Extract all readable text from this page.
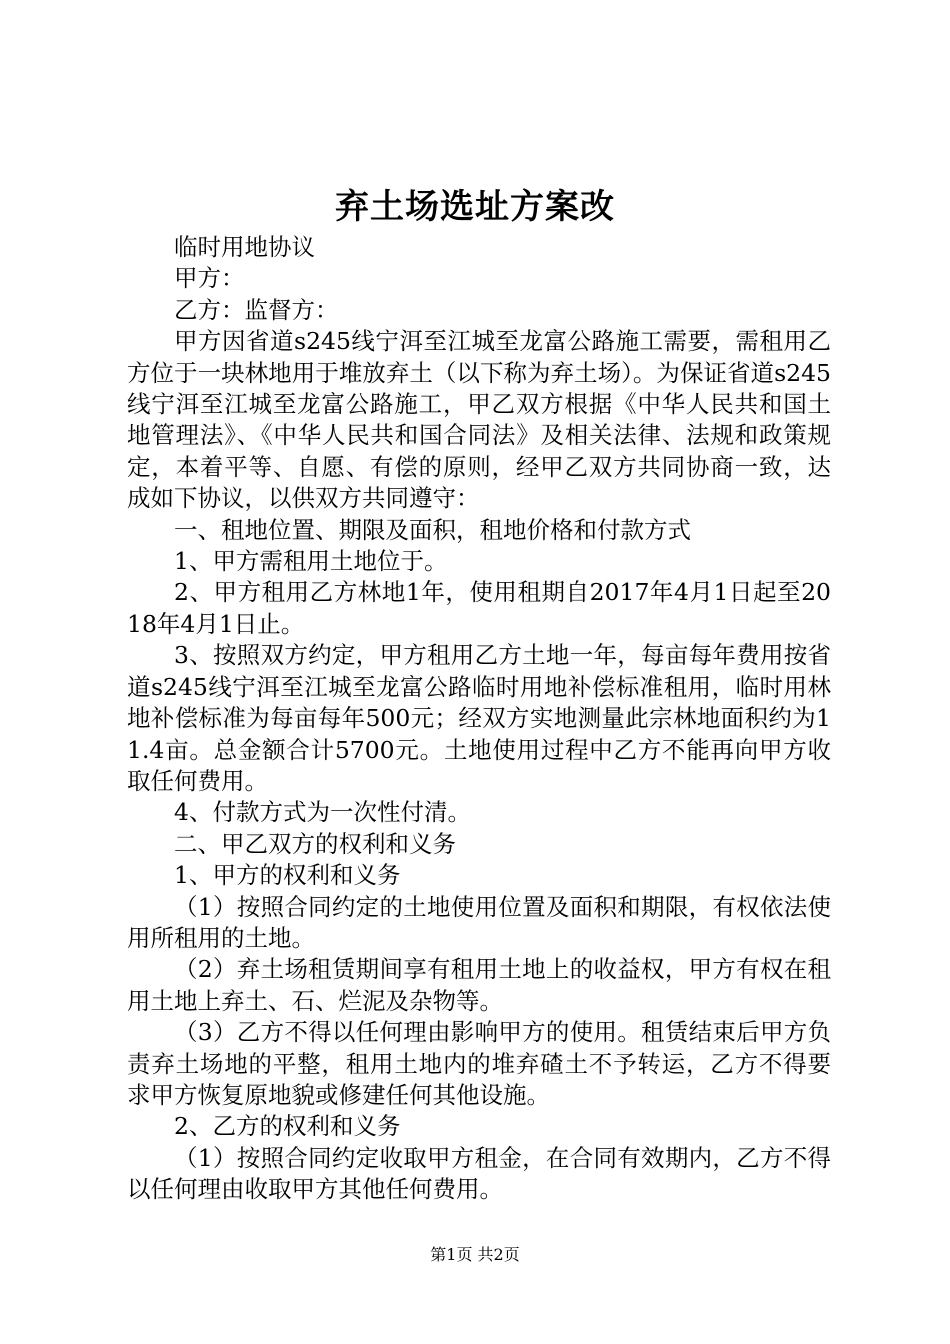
弃土场选址方案改

临时用地协议

甲方：

乙方：监督方：

甲方因省道s245线宁洱至江城至龙富公路施工需要，需租用乙方位于一块林地用于堆放弃土（以下称为弃土场）。为保证省道s245线宁洱至江城至龙富公路施工，甲乙双方根据《中华人民共和国土地管理法》、《中华人民共和国合同法》及相关法律、法规和政策规定，本着平等、自愿、有偿的原则，经甲乙双方共同协商一致，达成如下协议，以供双方共同遵守：

一、租地位置、期限及面积，租地价格和付款方式

1、甲方需租用土地位于。

2、甲方租用乙方林地1年，使用租期自2017年4月1日起至2018年4月1日止。

3、按照双方约定，甲方租用乙方土地一年，每亩每年费用按省道s245线宁洱至江城至龙富公路临时用地补偿标准租用，临时用林地补偿标准为每亩每年500元；经双方实地测量此宗林地面积约为11.4亩。总金额合计5700元。土地使用过程中乙方不能再向甲方收取任何费用。

4、付款方式为一次性付清。

二、甲乙双方的权利和义务

1、甲方的权利和义务

（1）按照合同约定的土地使用位置及面积和期限，有权依法使用所租用的土地。

（2）弃土场租赁期间享有租用土地上的收益权，甲方有权在租用土地上弃土、石、烂泥及杂物等。

（3）乙方不得以任何理由影响甲方的使用。租赁结束后甲方负责弃土场地的平整，租用土地内的堆弃碴土不予转运，乙方不得要求甲方恢复原地貌或修建任何其他设施。

2、乙方的权利和义务

（1）按照合同约定收取甲方租金，在合同有效期内，乙方不得以任何理由收取甲方其他任何费用。

第1页 共2页
